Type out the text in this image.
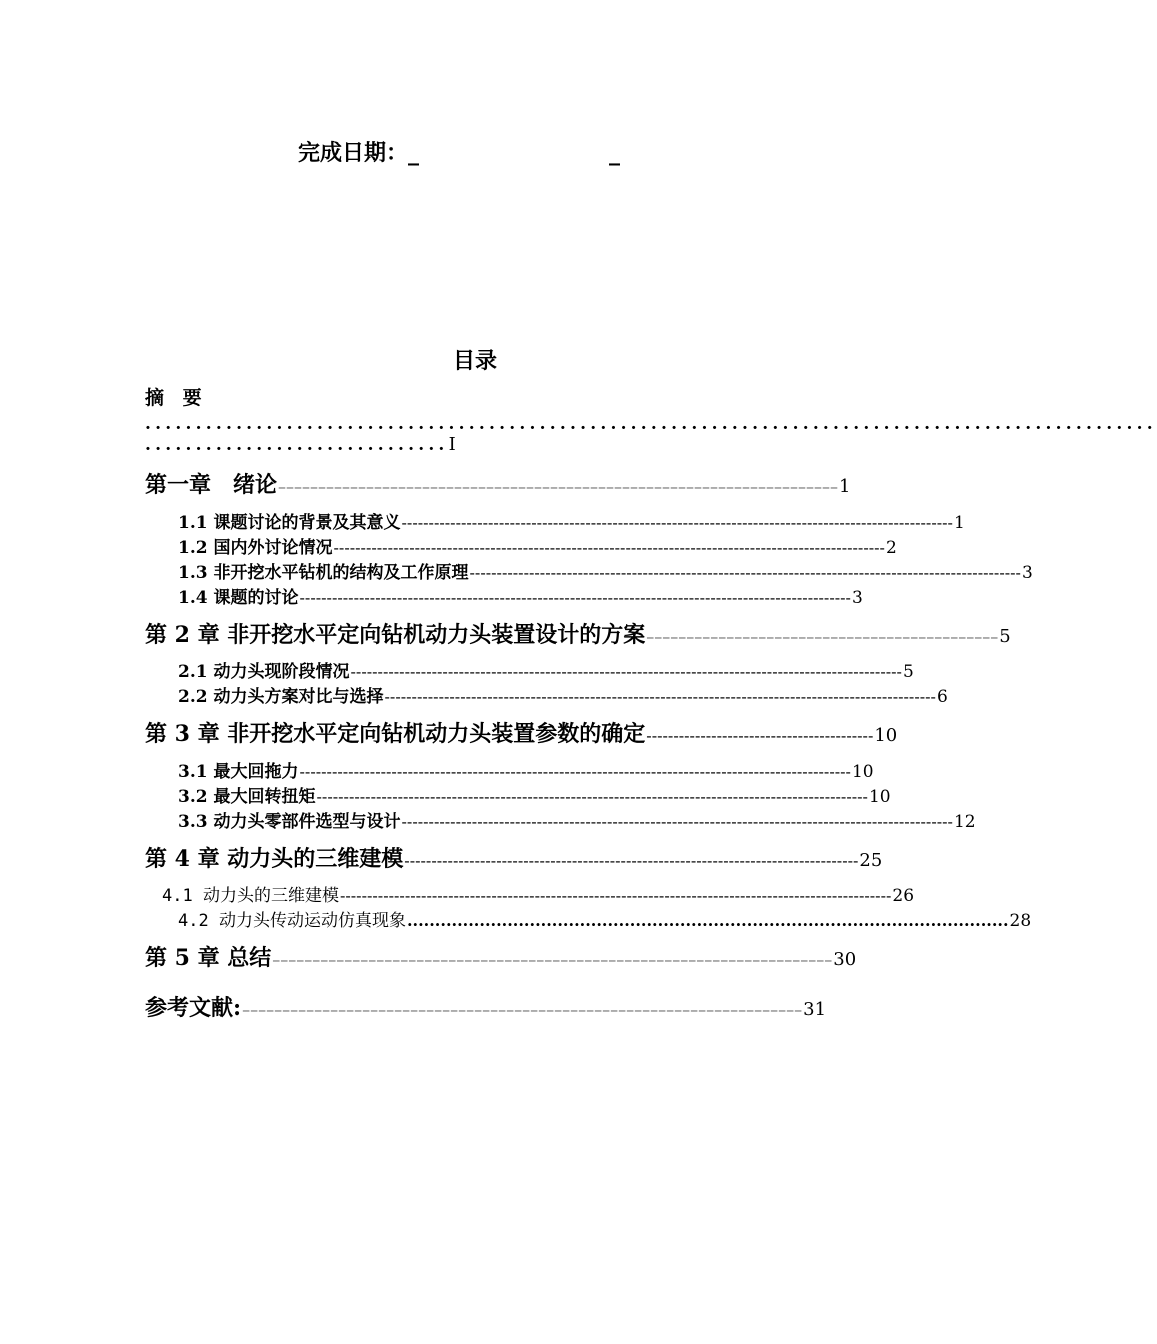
完成日期：_	_
目录
摘 要
....................................................................................................
..............................I
第一章　绪论 –––––––––––––––––––––––––––––––––––––––––––––––––––––––––––––––––––––– 1
1.1 课题讨论的背景及其意义 ------------------------------------------------------------------------------------------------------ 1
1.2 国内外讨论情况 ------------------------------------------------------------------------------------------------------ 2
1.3 非开挖水平钻机的结构及工作原理 ------------------------------------------------------------------------------------------------------ 3
1.4 课题的讨论 ------------------------------------------------------------------------------------------------------ 3
第 2 章 非开挖水平定向钻机动力头装置设计的方案 –––––––––––––––––––––––––––––––––––––––––––– 5
2.1 动力头现阶段情况 ------------------------------------------------------------------------------------------------------ 5
2.2 动力头方案对比与选择 ------------------------------------------------------------------------------------------------------ 6
第 3 章 非开挖水平定向钻机动力头装置参数的确定 ------------------------------------------ 10
3.1 最大回拖力 ------------------------------------------------------------------------------------------------------ 10
3.2 最大回转扭矩 ------------------------------------------------------------------------------------------------------ 10
3.3 动力头零部件选型与设计 ------------------------------------------------------------------------------------------------------ 12
第 4 章 动力头的三维建模 ------------------------------------------------------------------------------------ 25
4.1 动力头的三维建模 ------------------------------------------------------------------------------------------------------ 26
4.2 动力头传动运动仿真现象 ............................................................................................................ 28
第 5 章 总结 –––––––––––––––––––––––––––––––––––––––––––––––––––––––––––––––––––––– 30
参考文献: –––––––––––––––––––––––––––––––––––––––––––––––––––––––––––––––––––––– 31
